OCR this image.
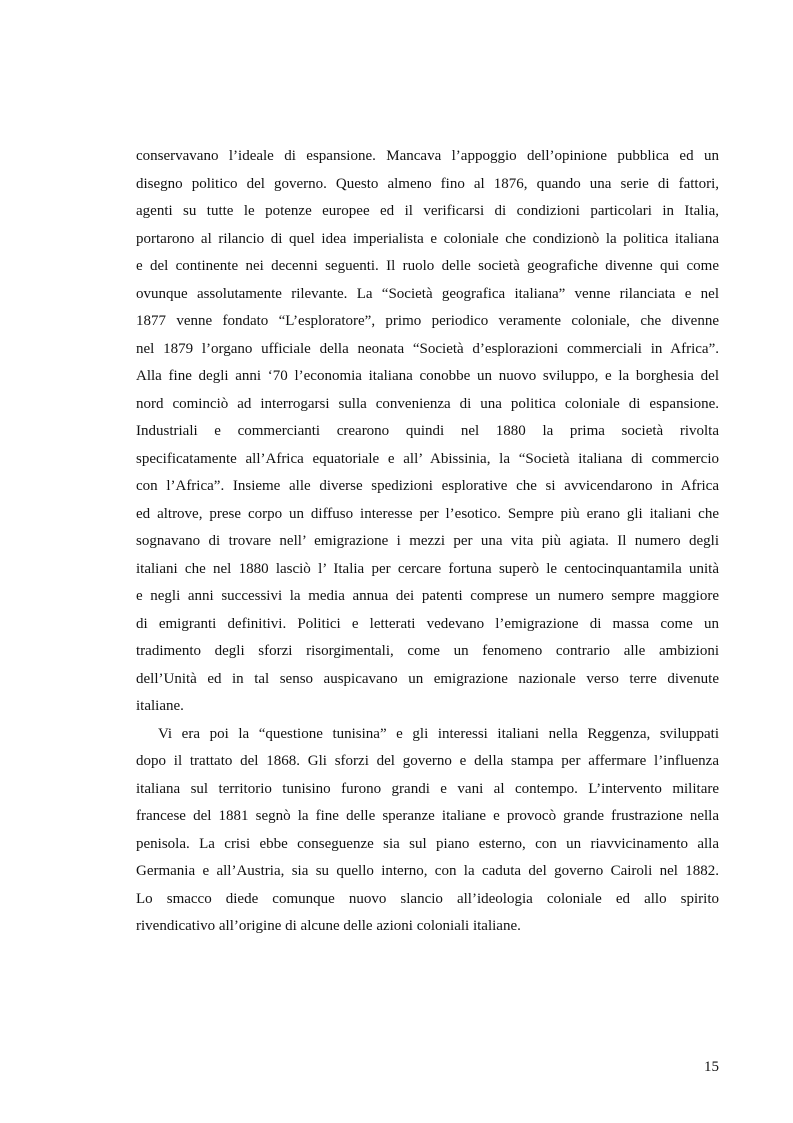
conservavano l’ideale di espansione. Mancava l’appoggio dell’opinione pubblica ed un
disegno politico del governo. Questo almeno fino al 1876, quando una serie di fattori,
agenti su tutte le potenze europee ed il verificarsi di condizioni particolari in Italia,
portarono al rilancio di quel idea imperialista e coloniale che condizionò la politica italiana
e del continente nei decenni seguenti. Il ruolo delle società geografiche divenne qui come
ovunque assolutamente rilevante. La “Società geografica italiana” venne rilanciata e nel
1877 venne fondato “L’esploratore”, primo periodico veramente coloniale, che divenne
nel 1879 l’organo ufficiale della neonata “Società d’esplorazioni commerciali in Africa”.
Alla fine degli anni ‘70 l’economia italiana conobbe un nuovo sviluppo, e la borghesia del
nord cominciò ad interrogarsi sulla convenienza di una politica coloniale di espansione.
Industriali e commercianti crearono quindi nel 1880 la prima società rivolta
specificatamente all’Africa equatoriale e all’ Abissinia, la “Società italiana di commercio
con l’Africa”. Insieme alle diverse spedizioni esplorative che si avvicendarono in Africa
ed altrove, prese corpo un diffuso interesse per l’esotico. Sempre più erano gli italiani che
sognavano di trovare nell’ emigrazione i mezzi per una vita più agiata. Il numero degli
italiani che nel 1880 lasciò l’ Italia per cercare fortuna superò le centocinquantamila unità
e negli anni successivi la media annua dei patenti comprese un numero sempre maggiore
di emigranti definitivi. Politici e letterati vedevano l’emigrazione di massa come un
tradimento degli sforzi risorgimentali, come un fenomeno contrario alle ambizioni
dell’Unità ed in tal senso auspicavano un emigrazione nazionale verso terre divenute
italiane.

Vi era poi la “questione tunisina” e gli interessi italiani nella Reggenza, sviluppati
dopo il trattato del 1868. Gli sforzi del governo e della stampa per affermare l’influenza
italiana sul territorio tunisino furono grandi e vani al contempo. L’intervento militare
francese del 1881 segnò la fine delle speranze italiane e provocò grande frustrazione nella
penisola. La crisi ebbe conseguenze sia sul piano esterno, con un riavvicinamento alla
Germania e all’Austria, sia su quello interno, con la caduta del governo Cairoli nel 1882.
Lo smacco diede comunque nuovo slancio all’ideologia coloniale ed allo spirito
rivendicativo all’origine di alcune delle azioni coloniali italiane.

15
